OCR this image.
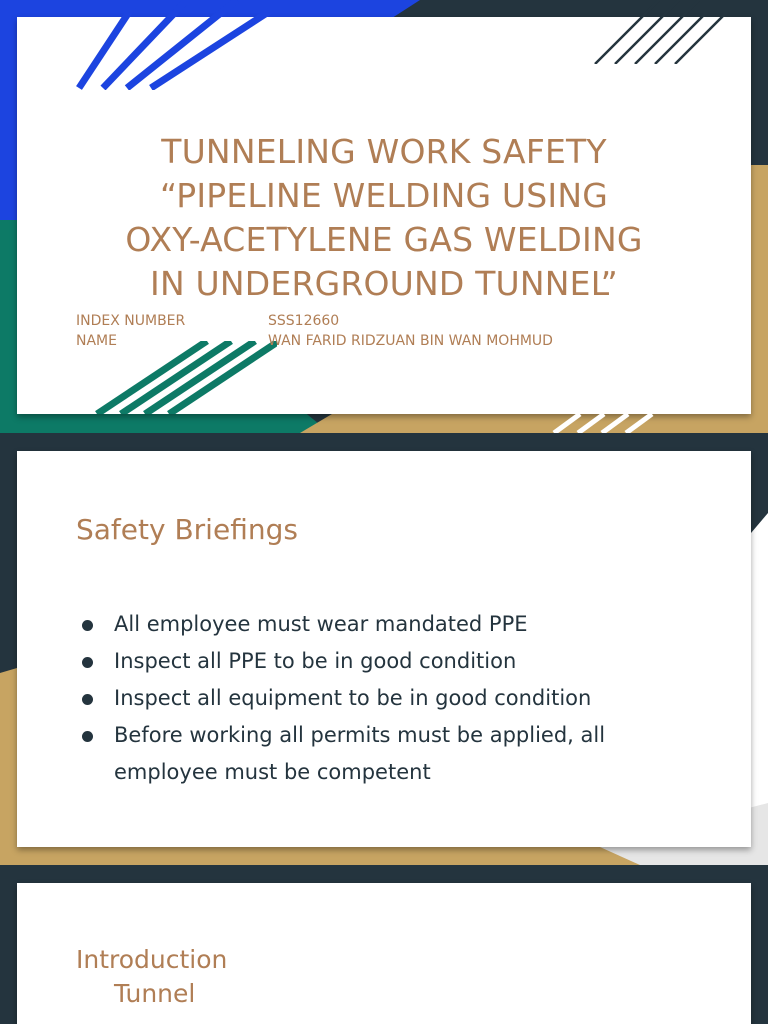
TUNNELING WORK SAFETY
“PIPELINE WELDING USING
OXY-ACETYLENE GAS WELDING
IN UNDERGROUND TUNNEL”
INDEX NUMBER	SSS12660
NAME	WAN FARID RIDZUAN BIN WAN MOHMUD
Safety Briefings
All employee must wear mandated PPE
Inspect all PPE to be in good condition
Inspect all equipment to be in good condition
Before working all permits must be applied, all employee must be competent
Introduction
Tunnel
